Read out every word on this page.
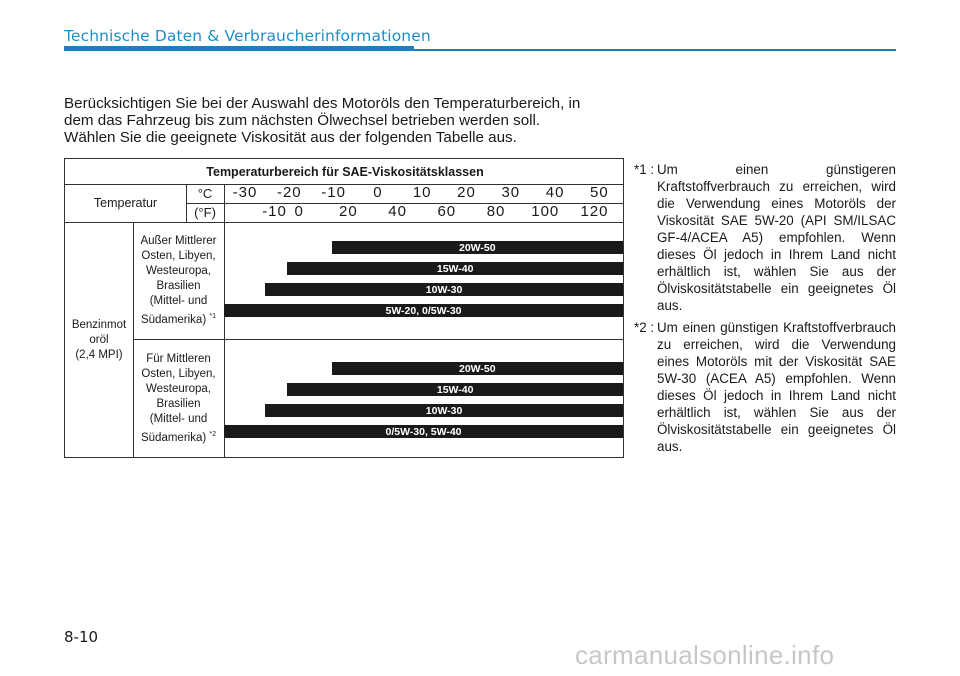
Technische Daten & Verbraucherinformationen
Berücksichtigen Sie bei der Auswahl des Motoröls den Temperaturbereich, in
dem das Fahrzeug bis zum nächsten Ölwechsel betrieben werden soll.
Wählen Sie die geeignete Viskosität aus der folgenden Tabelle aus.
Temperaturbereich für SAE-Viskositätsklassen
Temperatur
°C
(°F)
Benzinmot
oröl
(2,4 MPI)
Außer Mittlerer
Osten, Libyen,
Westeuropa,
Brasilien
(Mittel- und
Südamerika) $^{*1}$
Für Mittleren
Osten, Libyen,
Westeuropa,
Brasilien
(Mittel- und
Südamerika) $^{*2}$
-30 -20 -10 0 10 20 30 40 50
-10 0 20 40 60 80 100 120
20W-50
15W-40
10W-30
5W-20, 0/5W-30
20W-50
15W-40
10W-30
0/5W-30, 5W-40
*1 : Um einen günstigeren Kraftstoffverbrauch zu erreichen, wird die Verwendung eines Motoröls der Viskosität SAE 5W-20 (API SM/ILSAC GF-4/ACEA A5) empfohlen. Wenn dieses Öl jedoch in Ihrem Land nicht erhältlich ist, wählen Sie aus der Ölviskositätstabelle ein geeignetes Öl aus.
*2 : Um einen günstigen Kraftstoffverbrauch zu erreichen, wird die Verwendung eines Motoröls mit der Viskosität SAE 5W-30 (ACEA A5) empfohlen. Wenn dieses Öl jedoch in Ihrem Land nicht erhältlich ist, wählen Sie aus der Ölviskositätstabelle ein geeignetes Öl aus.
8-10
carmanualsonline.info
